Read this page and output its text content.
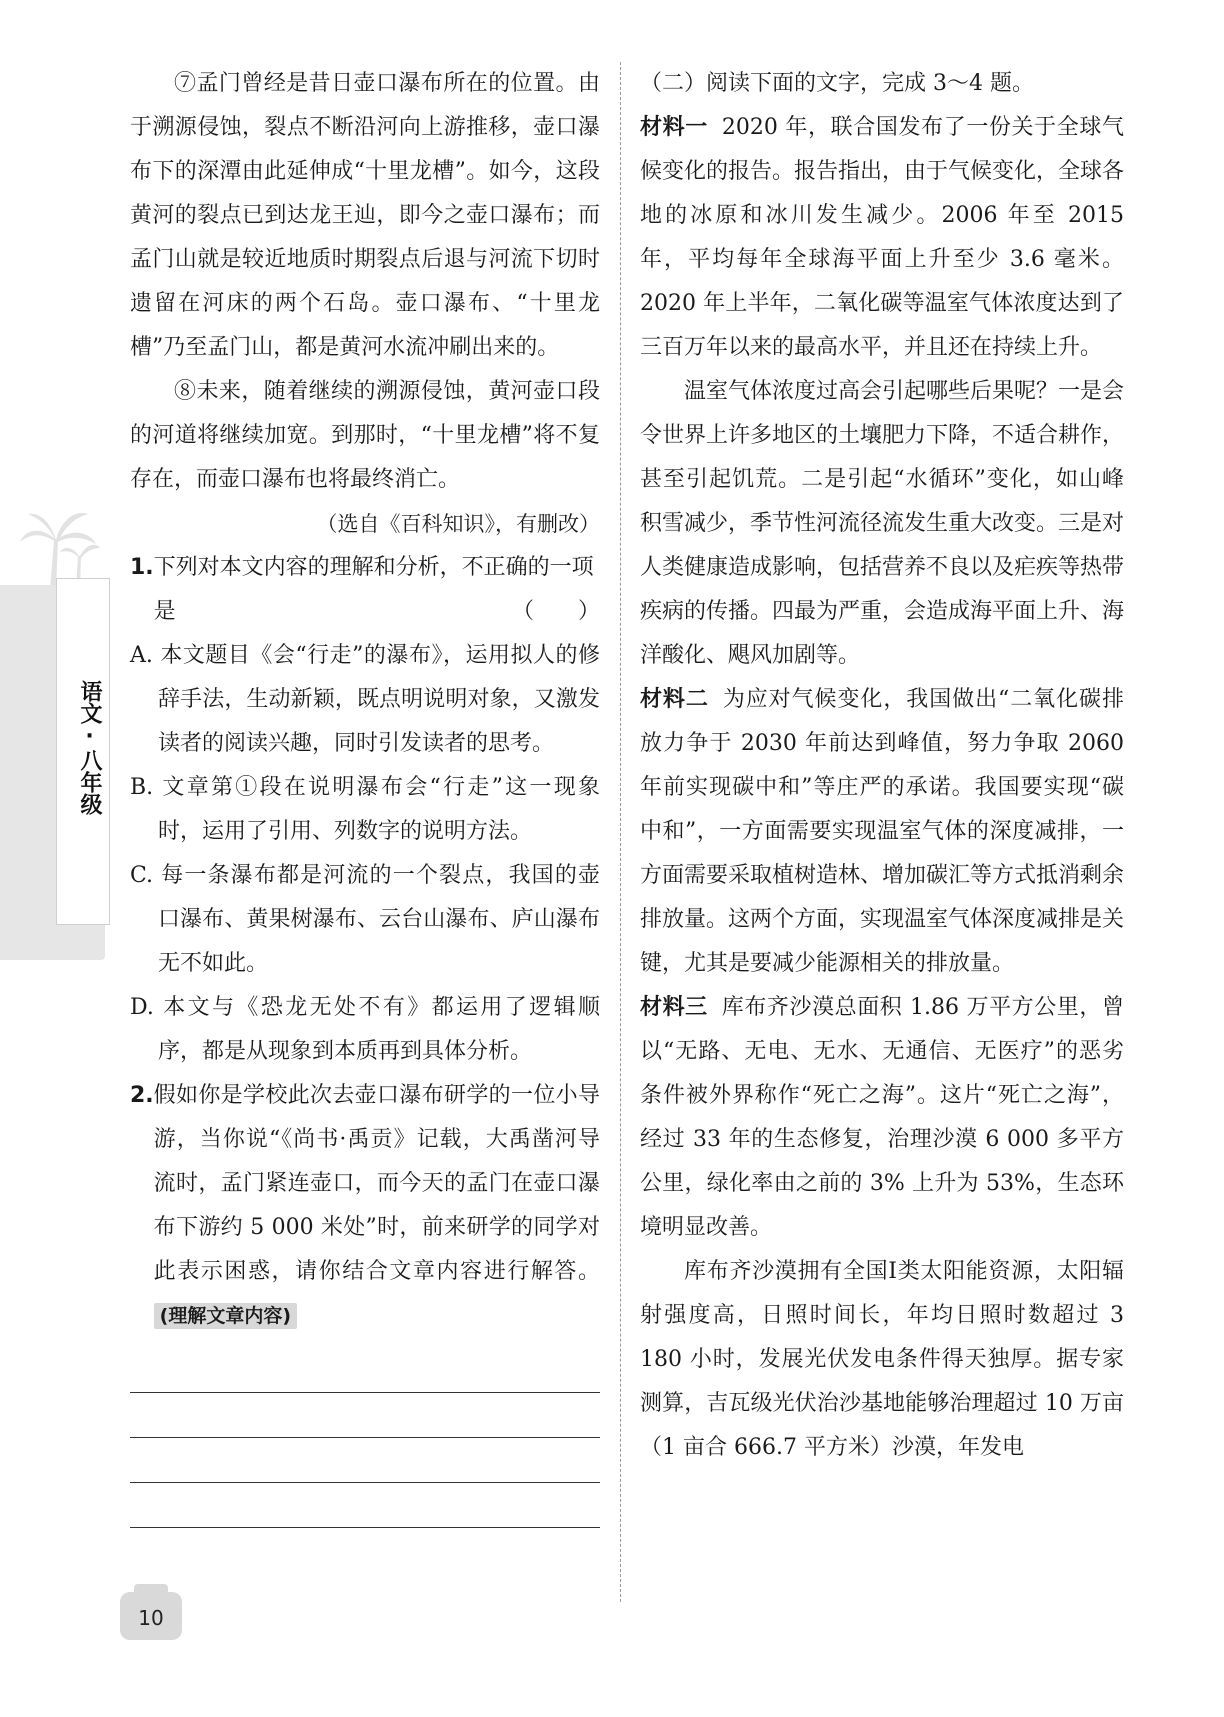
语文·八年级

⑦孟门曾经是昔日壶口瀑布所在的位置。由于溯源侵蚀，裂点不断沿河向上游推移，壶口瀑布下的深潭由此延伸成“十里龙槽”。如今，这段黄河的裂点已到达龙王辿，即今之壶口瀑布；而孟门山就是较近地质时期裂点后退与河流下切时遗留在河床的两个石岛。壶口瀑布、“十里龙槽”乃至孟门山，都是黄河水流冲刷出来的。

⑧未来，随着继续的溯源侵蚀，黄河壶口段的河道将继续加宽。到那时，“十里龙槽”将不复存在，而壶口瀑布也将最终消亡。

（选自《百科知识》，有删改）

1. 下列对本文内容的理解和分析，不正确的一项是	（　　）

A. 本文题目《会“行走”的瀑布》，运用拟人的修辞手法，生动新颖，既点明说明对象，又激发读者的阅读兴趣，同时引发读者的思考。

B. 文章第①段在说明瀑布会“行走”这一现象时，运用了引用、列数字的说明方法。

C. 每一条瀑布都是河流的一个裂点，我国的壶口瀑布、黄果树瀑布、云台山瀑布、庐山瀑布无不如此。

D. 本文与《恐龙无处不有》都运用了逻辑顺序，都是从现象到本质再到具体分析。

2. 假如你是学校此次去壶口瀑布研学的一位小导游，当你说“《尚书·禹贡》记载，大禹凿河导流时，孟门紧连壶口，而今天的孟门在壶口瀑布下游约 5 000 米处”时，前来研学的同学对此表示困惑，请你结合文章内容进行解答。(理解文章内容)

（二）阅读下面的文字，完成 3～4 题。

材料一 2020 年，联合国发布了一份关于全球气候变化的报告。报告指出，由于气候变化，全球各地的冰原和冰川发生减少。2006 年至 2015 年，平均每年全球海平面上升至少 3.6 毫米。2020 年上半年，二氧化碳等温室气体浓度达到了三百万年以来的最高水平，并且还在持续上升。

温室气体浓度过高会引起哪些后果呢？一是会令世界上许多地区的土壤肥力下降，不适合耕作，甚至引起饥荒。二是引起“水循环”变化，如山峰积雪减少，季节性河流径流发生重大改变。三是对人类健康造成影响，包括营养不良以及疟疾等热带疾病的传播。四最为严重，会造成海平面上升、海洋酸化、飓风加剧等。

材料二 为应对气候变化，我国做出“二氧化碳排放力争于 2030 年前达到峰值，努力争取 2060 年前实现碳中和”等庄严的承诺。我国要实现“碳中和”，一方面需要实现温室气体的深度减排，一方面需要采取植树造林、增加碳汇等方式抵消剩余排放量。这两个方面，实现温室气体深度减排是关键，尤其是要减少能源相关的排放量。

材料三 库布齐沙漠总面积 1.86 万平方公里，曾以“无路、无电、无水、无通信、无医疗”的恶劣条件被外界称作“死亡之海”。这片“死亡之海”，经过 33 年的生态修复，治理沙漠 6 000 多平方公里，绿化率由之前的 3% 上升为 53%，生态环境明显改善。

库布齐沙漠拥有全国Ⅰ类太阳能资源，太阳辐射强度高，日照时间长，年均日照时数超过 3 180 小时，发展光伏发电条件得天独厚。据专家测算，吉瓦级光伏治沙基地能够治理超过 10 万亩（1 亩合 666.7 平方米）沙漠，年发电

10
